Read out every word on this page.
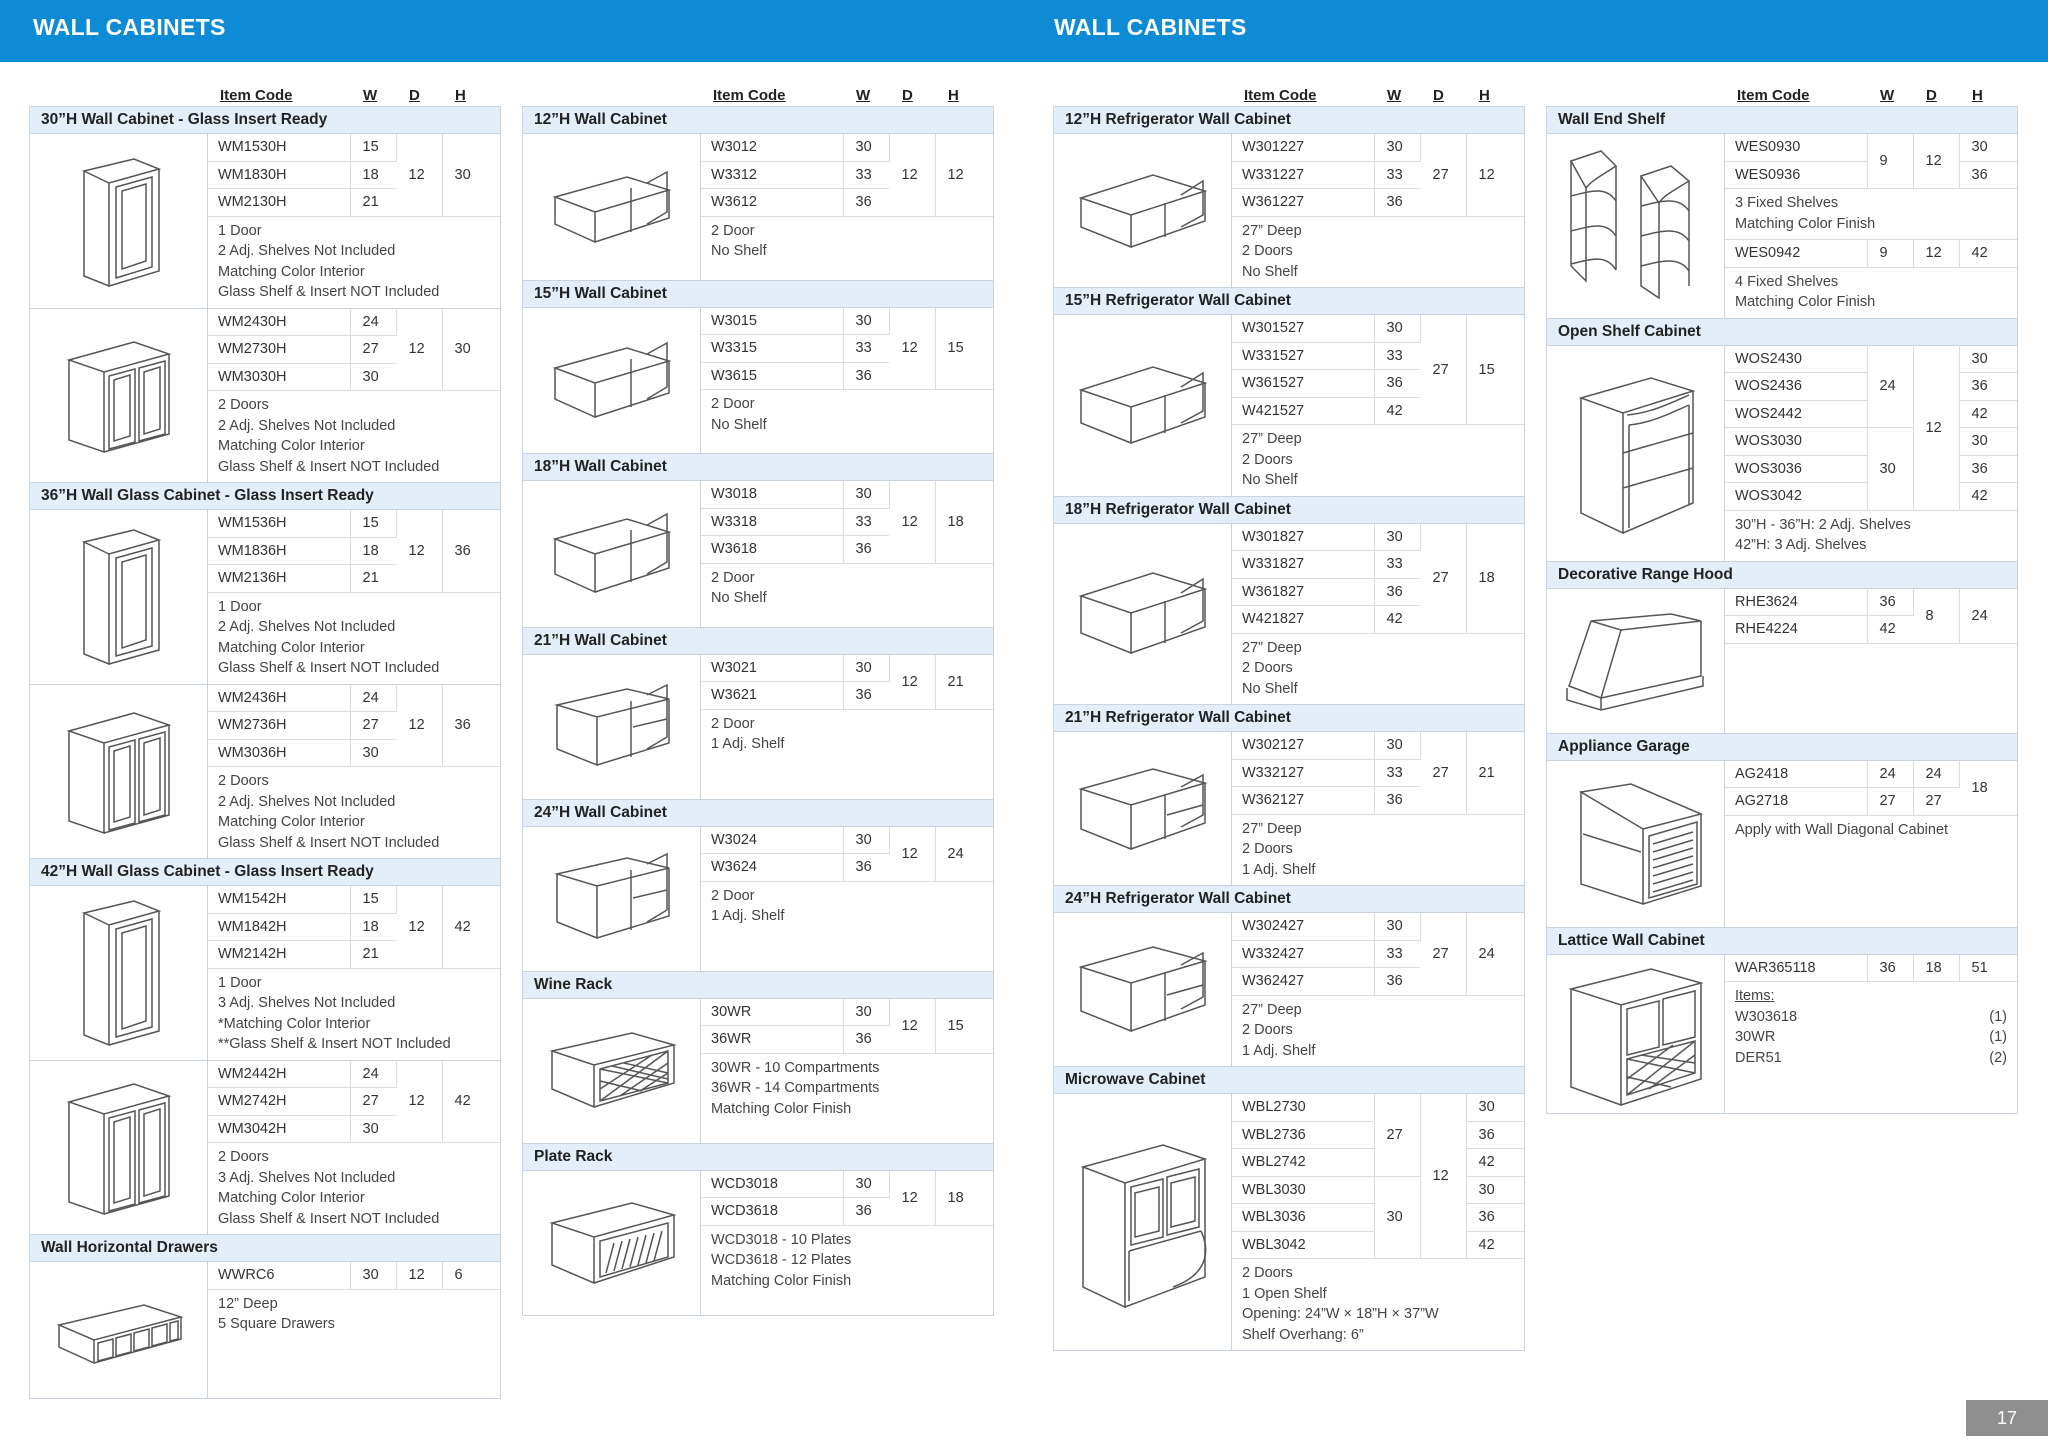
WALL CABINETS	WALL CABINETS
Item Code	W D H
30”H Wall Cabinet - Glass Insert Ready
WM1530H	15	12	30
WM1830H	18		
WM2130H	21		
1 Door
2 Adj. Shelves Not Included
Matching Color Interior
Glass Shelf & Insert NOT Included
WM2430H	24	12	30
WM2730H	27		
WM3030H	30		
2 Doors
2 Adj. Shelves Not Included
Matching Color Interior
Glass Shelf & Insert NOT Included
36”H Wall Glass Cabinet - Glass Insert Ready
WM1536H	15	12	36
WM1836H	18		
WM2136H	21		
1 Door
2 Adj. Shelves Not Included
Matching Color Interior
Glass Shelf & Insert NOT Included
WM2436H	24	12	36
WM2736H	27		
WM3036H	30		
2 Doors
2 Adj. Shelves Not Included
Matching Color Interior
Glass Shelf & Insert NOT Included
42”H Wall Glass Cabinet - Glass Insert Ready
WM1542H	15	12	42
WM1842H	18		
WM2142H	21		
1 Door
3 Adj. Shelves Not Included
*Matching Color Interior
**Glass Shelf & Insert NOT Included
WM2442H	24	12	42
WM2742H	27		
WM3042H	30		
2 Doors
3 Adj. Shelves Not Included
Matching Color Interior
Glass Shelf & Insert NOT Included
Wall Horizontal Drawers
WWRC6	30	12	6
12” Deep
5 Square Drawers
Item Code	W D H
12”H Wall Cabinet
W3012	30	12	12
W3312	33		
W3612	36		
2 Door
No Shelf
15”H Wall Cabinet
W3015	30	12	15
W3315	33		
W3615	36		
2 Door
No Shelf
18”H Wall Cabinet
W3018	30	12	18
W3318	33		
W3618	36		
2 Door
No Shelf
21”H Wall Cabinet
W3021	30	12	21
W3621	36		
2 Door
1 Adj. Shelf
24”H Wall Cabinet
W3024	30	12	24
W3624	36		
2 Door
1 Adj. Shelf
Wine Rack
30WR	30	12	15
36WR	36		
30WR - 10 Compartments
36WR - 14 Compartments
Matching Color Finish
Plate Rack
WCD3018	30	12	18
WCD3618	36		
WCD3018 - 10 Plates
WCD3618 - 12 Plates
Matching Color Finish
Item Code	W D H
12”H Refrigerator Wall Cabinet
W301227	30	27	12
W331227	33		
W361227	36		
27” Deep
2 Doors
No Shelf
15”H Refrigerator Wall Cabinet
W301527	30	27	15
W331527	33		
W361527	36		
W421527	42		
27” Deep
2 Doors
No Shelf
18”H Refrigerator Wall Cabinet
W301827	30	27	18
W331827	33		
W361827	36		
W421827	42		
27” Deep
2 Doors
No Shelf
21”H Refrigerator Wall Cabinet
W302127	30	27	21
W332127	33		
W362127	36		
27” Deep
2 Doors
1 Adj. Shelf
24”H Refrigerator Wall Cabinet
W302427	30	27	24
W332427	33		
W362427	36		
27” Deep
2 Doors
1 Adj. Shelf
Microwave Cabinet
WBL2730	27	12	30
WBL2736			36
WBL2742			42
WBL3030	30		30
WBL3036			36
WBL3042			42
2 Doors
1 Open Shelf
Opening: 24”W × 18”H × 37”W
Shelf Overhang: 6”
Item Code	W D H
Wall End Shelf
WES0930	9	12	30
WES0936			36
3 Fixed Shelves
Matching Color Finish
WES0942	9	12	42
4 Fixed Shelves
Matching Color Finish
Open Shelf Cabinet
WOS2430	24	12	30
WOS2436			36
WOS2442			42
WOS3030	30		30
WOS3036			36
WOS3042			42
30”H - 36”H: 2 Adj. Shelves
42”H: 3 Adj. Shelves
Decorative Range Hood
RHE3624	36	8	24
RHE4224	42		
Appliance Garage
AG2418	24	24	18
AG2718	27	27	
Apply with Wall Diagonal Cabinet
Lattice Wall Cabinet
WAR365118	36	18	51
Items:
W303618	(1)
30WR	(1)
DER51	(2)
17
